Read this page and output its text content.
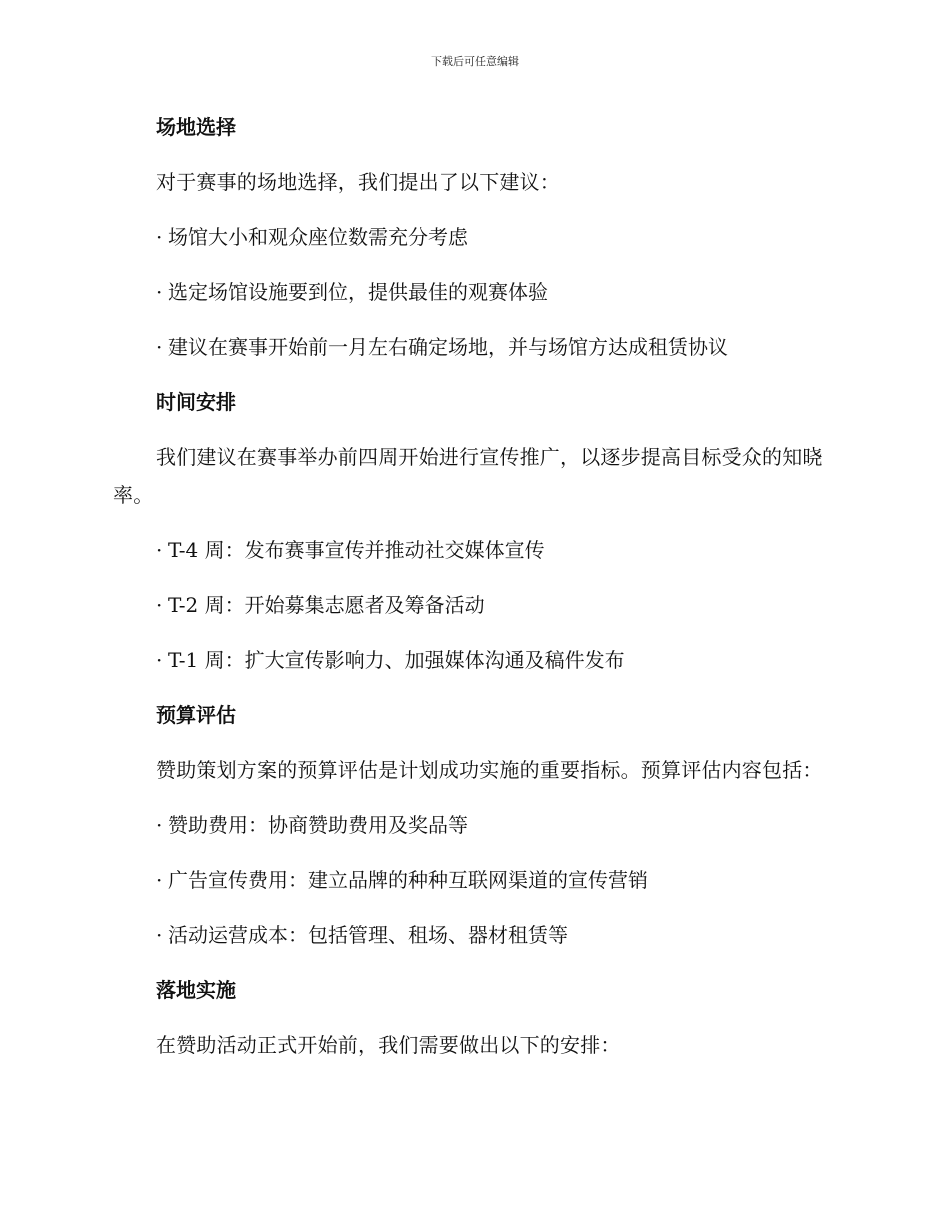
下载后可任意编辑
场地选择
对于赛事的场地选择，我们提出了以下建议：
· 场馆大小和观众座位数需充分考虑
· 选定场馆设施要到位，提供最佳的观赛体验
· 建议在赛事开始前一月左右确定场地，并与场馆方达成租赁协议
时间安排
我们建议在赛事举办前四周开始进行宣传推广，以逐步提高目标受众的知晓率。
· T-4 周：发布赛事宣传并推动社交媒体宣传
· T-2 周：开始募集志愿者及筹备活动
· T-1 周：扩大宣传影响力、加强媒体沟通及稿件发布
预算评估
赞助策划方案的预算评估是计划成功实施的重要指标。预算评估内容包括：
· 赞助费用：协商赞助费用及奖品等
· 广告宣传费用：建立品牌的种种互联网渠道的宣传营销
· 活动运营成本：包括管理、租场、器材租赁等
落地实施
在赞助活动正式开始前，我们需要做出以下的安排：
